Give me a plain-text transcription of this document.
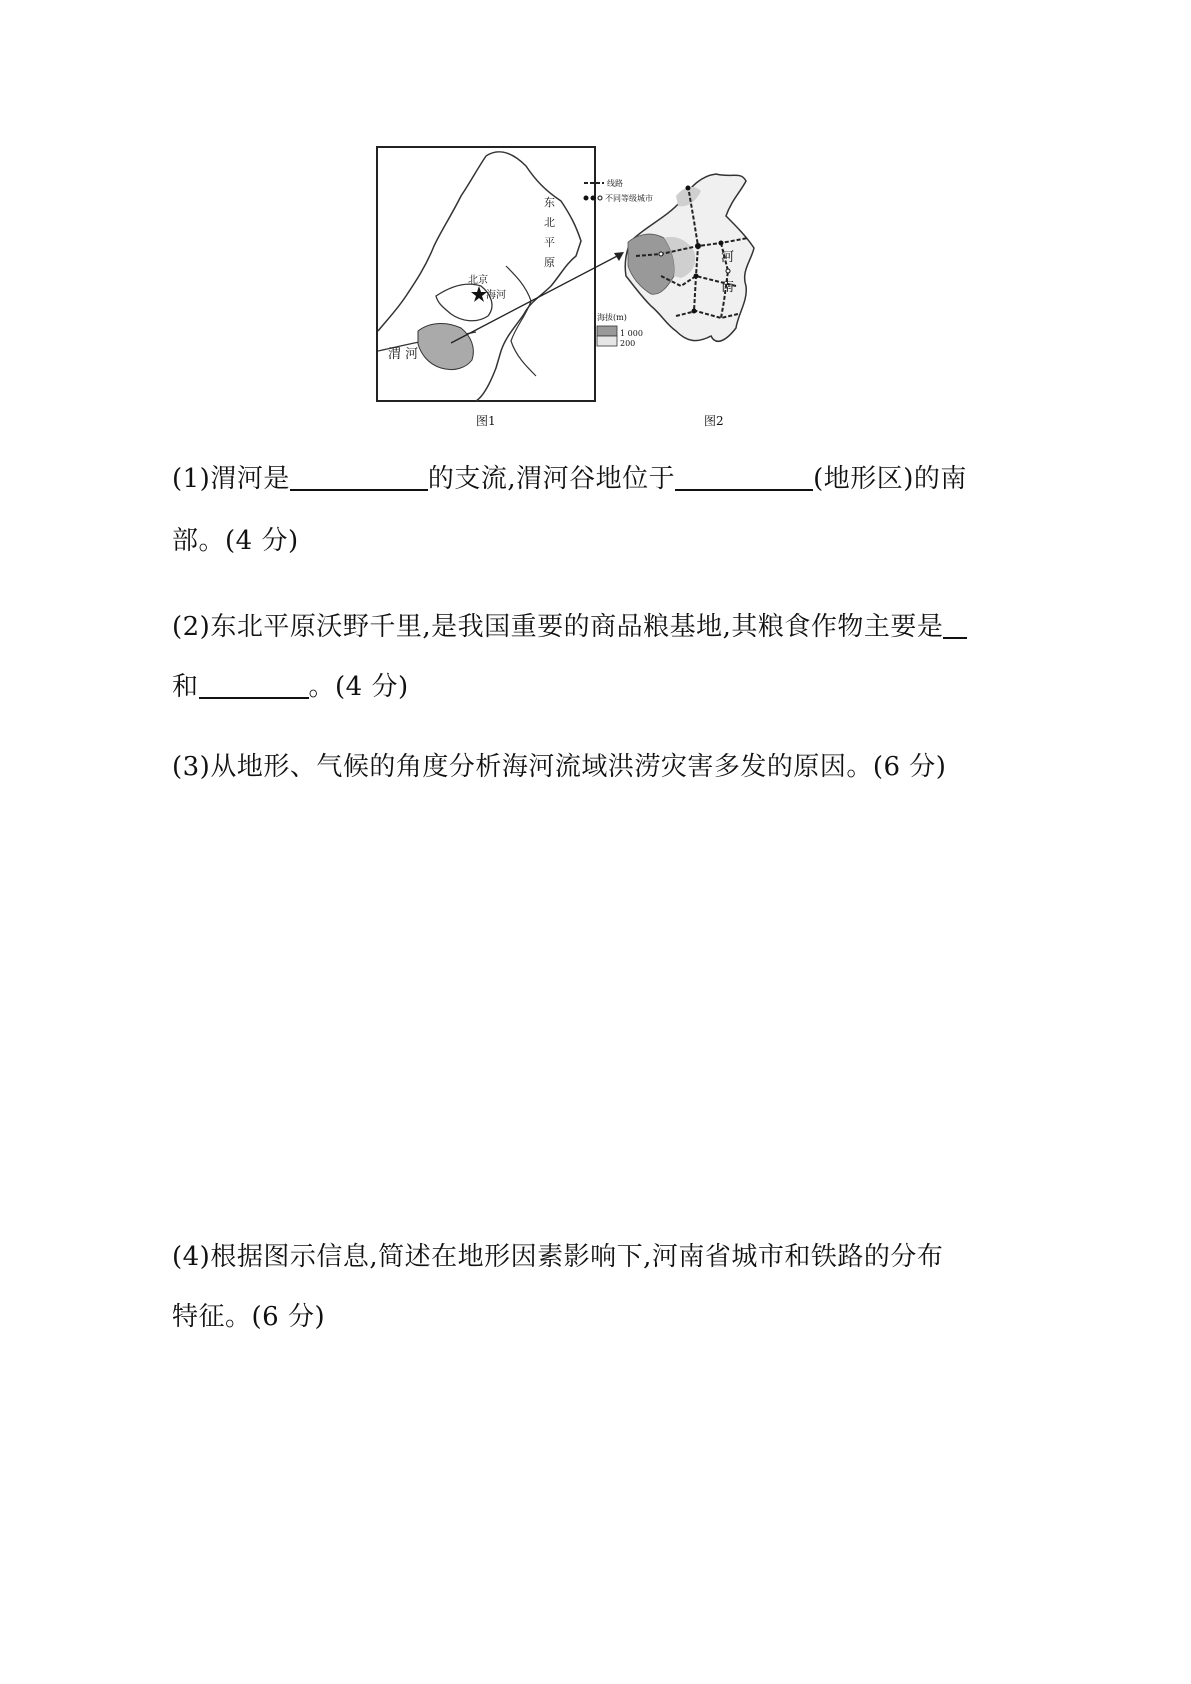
东
北
平
原
北京
海河
渭 河
图1
河
南
线路
不同等级城市
海拔(m)
1 000
200
图2
(1)渭河是	的支流,渭河谷地位于	(地形区)的南
部。(4 分)
(2)东北平原沃野千里,是我国重要的商品粮基地,其粮食作物主要是
和	。(4 分)
(3)从地形、气候的角度分析海河流域洪涝灾害多发的原因。(6 分)
(4)根据图示信息,简述在地形因素影响下,河南省城市和铁路的分布
特征。(6 分)
